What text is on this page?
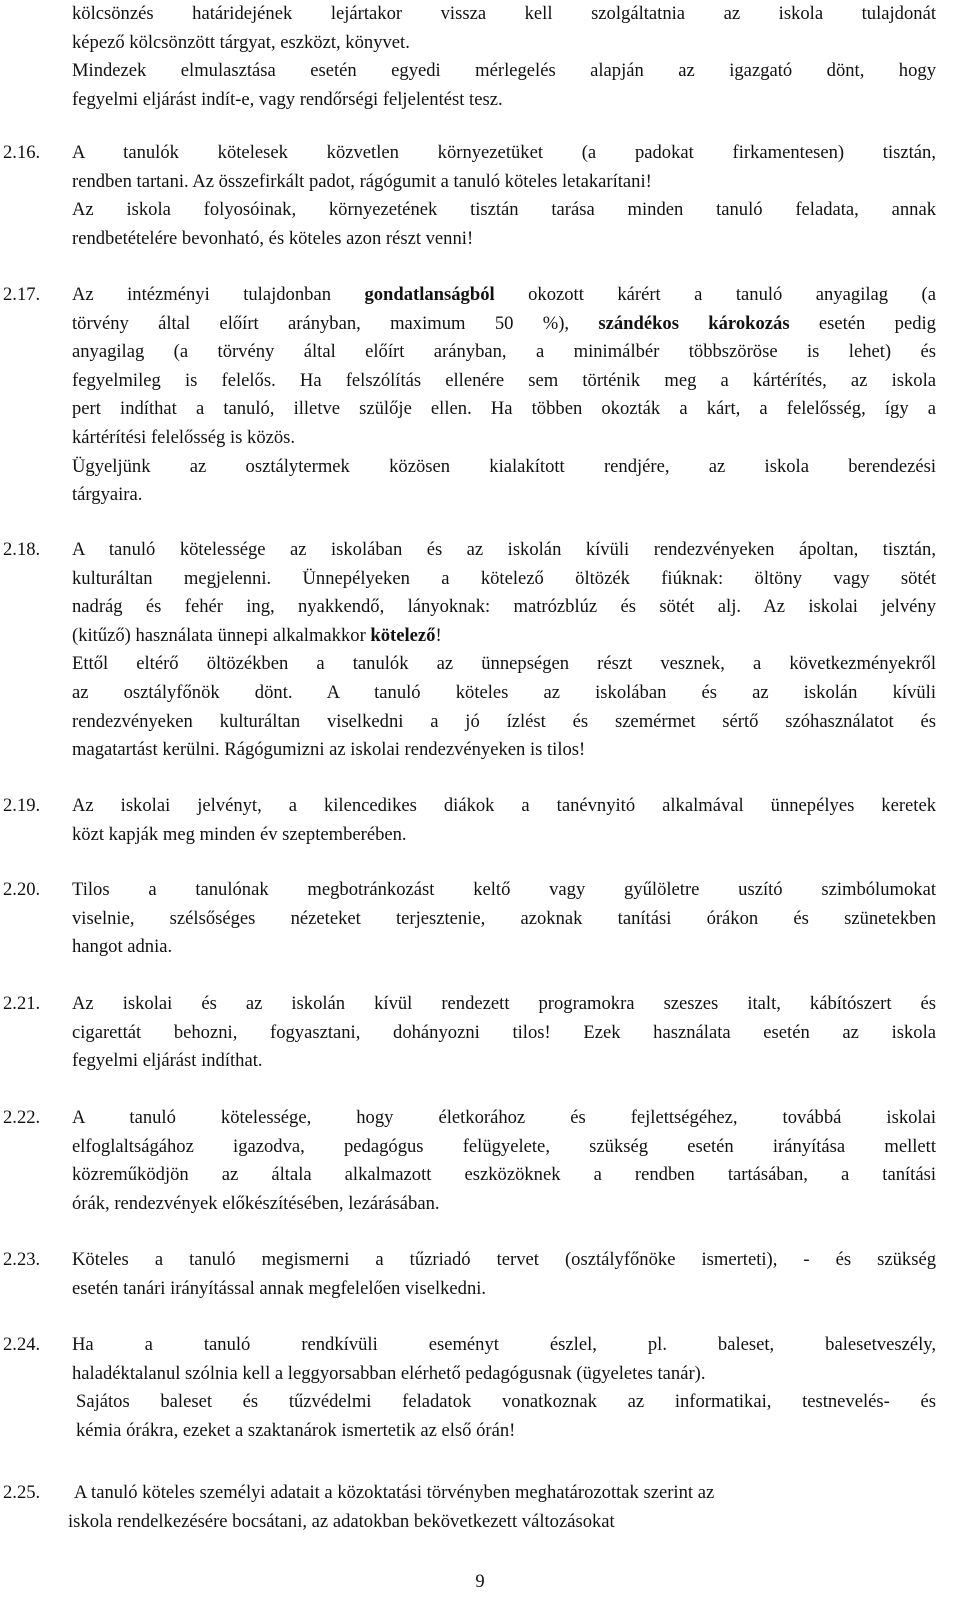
kölcsönzés határidejének lejártakor vissza kell szolgáltatnia az iskola tulajdonát

képező kölcsönzött tárgyat, eszközt, könyvet.

Mindezek elmulasztása esetén egyedi mérlegelés alapján az igazgató dönt, hogy

fegyelmi eljárást indít-e, vagy rendőrségi feljelentést tesz.

2.16. A tanulók kötelesek közvetlen környezetüket (a padokat firkamentesen) tisztán,

rendben tartani. Az összefirkált padot, rágógumit a tanuló köteles letakarítani!

Az iskola folyosóinak, környezetének tisztán tarása minden tanuló feladata, annak

rendbetételére bevonható, és köteles azon részt venni!

2.17. Az intézményi tulajdonban gondatlanságból okozott kárért a tanuló anyagilag (a

törvény által előírt arányban, maximum 50 %), szándékos károkozás esetén pedig

anyagilag (a törvény által előírt arányban, a minimálbér többszöröse is lehet) és

fegyelmileg is felelős. Ha felszólítás ellenére sem történik meg a kártérítés, az iskola

pert indíthat a tanuló, illetve szülője ellen. Ha többen okozták a kárt, a felelősség, így a

kártérítési felelősség is közös.

Ügyeljünk az osztálytermek közösen kialakított rendjére, az iskola berendezési

tárgyaira.

2.18. A tanuló kötelessége az iskolában és az iskolán kívüli rendezvényeken ápoltan, tisztán,

kulturáltan megjelenni. Ünnepélyeken a kötelező öltözék fiúknak: öltöny vagy sötét

nadrág és fehér ing, nyakkendő, lányoknak: matrózblúz és sötét alj. Az iskolai jelvény

(kitűző) használata ünnepi alkalmakkor kötelező!

Ettől eltérő öltözékben a tanulók az ünnepségen részt vesznek, a következményekről

az osztályfőnök dönt. A tanuló köteles az iskolában és az iskolán kívüli

rendezvényeken kulturáltan viselkedni a jó ízlést és szemérmet sértő szóhasználatot és

magatartást kerülni. Rágógumizni az iskolai rendezvényeken is tilos!

2.19. Az iskolai jelvényt, a kilencedikes diákok a tanévnyitó alkalmával ünnepélyes keretek

közt kapják meg minden év szeptemberében.

2.20. Tilos a tanulónak megbotránkozást keltő vagy gyűlöletre uszító szimbólumokat

viselnie, szélsőséges nézeteket terjesztenie, azoknak tanítási órákon és szünetekben

hangot adnia.

2.21. Az iskolai és az iskolán kívül rendezett programokra szeszes italt, kábítószert és

cigarettát behozni, fogyasztani, dohányozni tilos! Ezek használata esetén az iskola

fegyelmi eljárást indíthat.

2.22. A tanuló kötelessége, hogy életkorához és fejlettségéhez, továbbá iskolai

elfoglaltságához igazodva, pedagógus felügyelete, szükség esetén irányítása mellett

közreműködjön az általa alkalmazott eszközöknek a rendben tartásában, a tanítási

órák, rendezvények előkészítésében, lezárásában.

2.23. Köteles a tanuló megismerni a tűzriadó tervet (osztályfőnöke ismerteti), - és szükség

esetén tanári irányítással annak megfelelően viselkedni.

2.24. Ha a tanuló rendkívüli eseményt észlel, pl. baleset, balesetveszély,

haladéktalanul szólnia kell a leggyorsabban elérhető pedagógusnak (ügyeletes tanár).

Sajátos baleset és tűzvédelmi feladatok vonatkoznak az informatikai, testnevelés- és

kémia órákra, ezeket a szaktanárok ismertetik az első órán!

2.25.	A tanuló köteles személyi adatait a közoktatási törvényben meghatározottak szerint az

iskola rendelkezésére bocsátani, az adatokban bekövetkezett változásokat

9
